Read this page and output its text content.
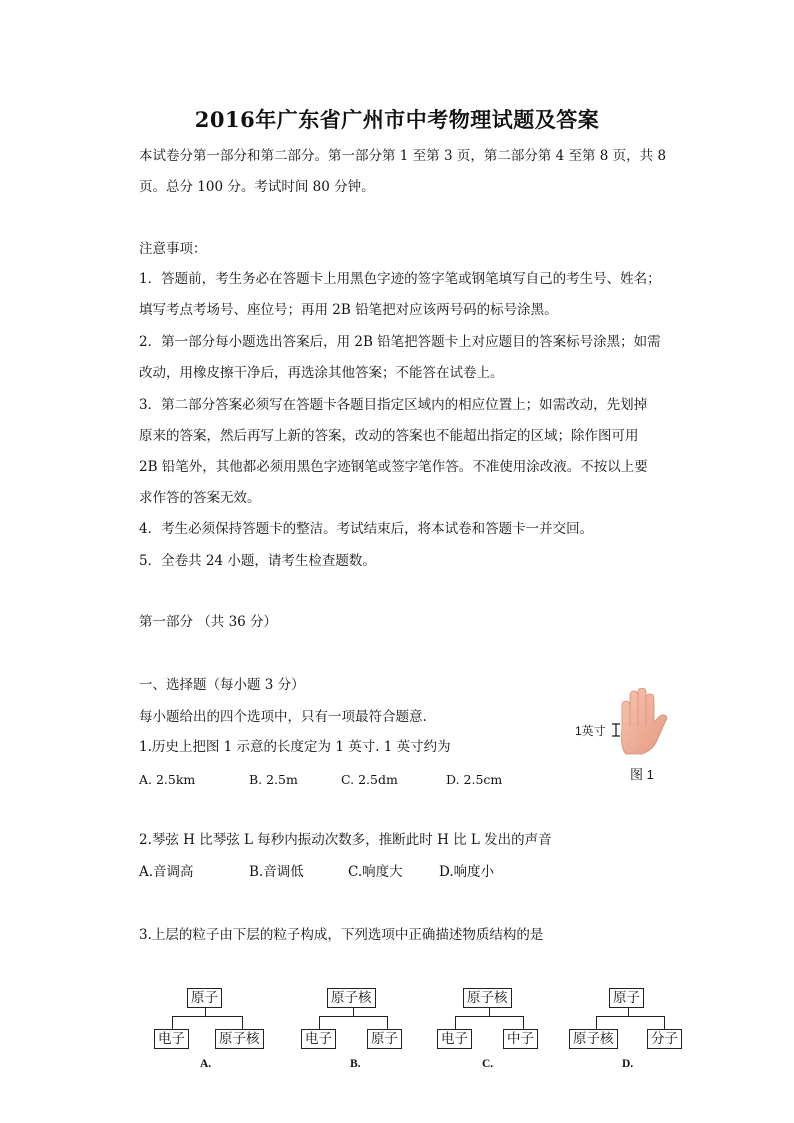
2016年广东省广州市中考物理试题及答案
本试卷分第一部分和第二部分。第一部分第 1 至第 3 页，第二部分第 4 至第 8 页，共 8
页。总分 100 分。考试时间 80 分钟。
注意事项：
1．答题前，考生务必在答题卡上用黑色字迹的签字笔或钢笔填写自己的考生号、姓名；
填写考点考场号、座位号；再用 2B 铅笔把对应该两号码的标号涂黑。
2．第一部分每小题选出答案后，用 2B 铅笔把答题卡上对应题目的答案标号涂黑；如需
改动，用橡皮擦干净后，再选涂其他答案；不能答在试卷上。
3．第二部分答案必须写在答题卡各题目指定区域内的相应位置上；如需改动，先划掉
原来的答案，然后再写上新的答案，改动的答案也不能超出指定的区域；除作图可用
2B 铅笔外，其他都必须用黑色字迹钢笔或签字笔作答。不准使用涂改液。不按以上要
求作答的答案无效。
4．考生必须保持答题卡的整洁。考试结束后，将本试卷和答题卡一并交回。
5．全卷共 24 小题，请考生检查题数。
第一部分 （共 36 分）
一、选择题（每小题 3 分）
每小题给出的四个选项中，只有一项最符合题意.
1.历史上把图 1 示意的长度定为 1 英寸. 1 英寸约为
A. 2.5km	B. 2.5m	C. 2.5dm	D. 2.5cm
1英寸
图 1
2.琴弦 H 比琴弦 L 每秒内振动次数多，推断此时 H 比 L 发出的声音
A.音调高	B.音调低	C.响度大	D.响度小
3.上层的粒子由下层的粒子构成，下列选项中正确描述物质结构的是
原子
电子	原子核
A.
原子核
电子	原子
B.
原子核
电子	中子
C.
原子
原子核	分子
D.
